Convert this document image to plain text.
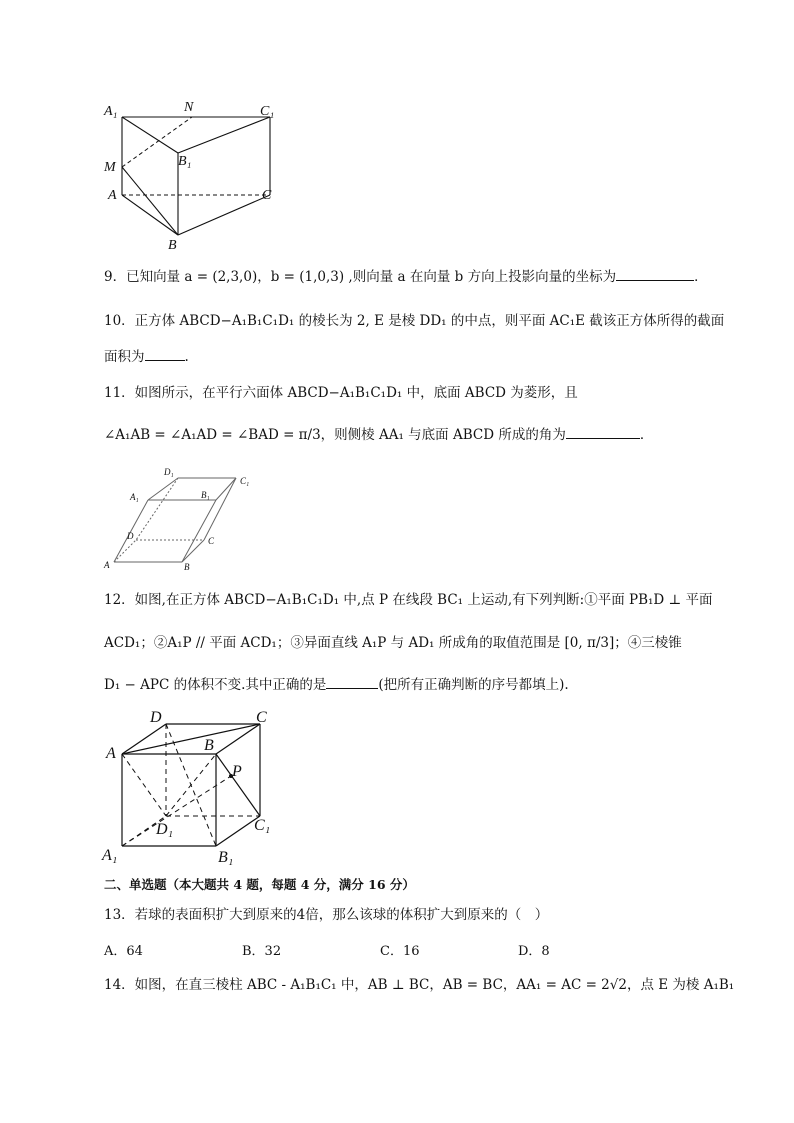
A₁	N	C₁
M	B₁
A	C
B
9．已知向量 a = (2,3,0)，b = (1,0,3) ,则向量 a 在向量 b 方向上投影向量的坐标为	．
10．正方体 ABCD−A₁B₁C₁D₁ 的棱长为 2, E 是棱 DD₁ 的中点，则平面 AC₁E 截该正方体所得的截面
面积为	.
11．如图所示，在平行六面体 ABCD−A₁B₁C₁D₁ 中，底面 ABCD 为菱形，且
∠A₁AB = ∠A₁AD = ∠BAD = π/3，则侧棱 AA₁ 与底面 ABCD 所成的角为	．
D₁
A₁	B₁
C₁
D	C
A	B
12．如图,在正方体 ABCD−A₁B₁C₁D₁ 中,点 P 在线段 BC₁ 上运动,有下列判断:①平面 PB₁D ⊥ 平面
ACD₁；②A₁P // 平面 ACD₁；③异面直线 A₁P 与 AD₁ 所成角的取值范围是 [0, π/3]；④三棱锥
D₁ − APC 的体积不变.其中正确的是	(把所有正确判断的序号都填上).
D	C
A	B
P
D₁	C₁
A₁	B₁
二、单选题（本大题共 4 题，每题 4 分，满分 16 分）
13．若球的表面积扩大到原来的4倍，那么该球的体积扩大到原来的（　）
A．64	B．32	C．16	D．8
14．如图，在直三棱柱 ABC - A₁B₁C₁ 中，AB ⊥ BC，AB = BC，AA₁ = AC = 2√2，点 E 为棱 A₁B₁
